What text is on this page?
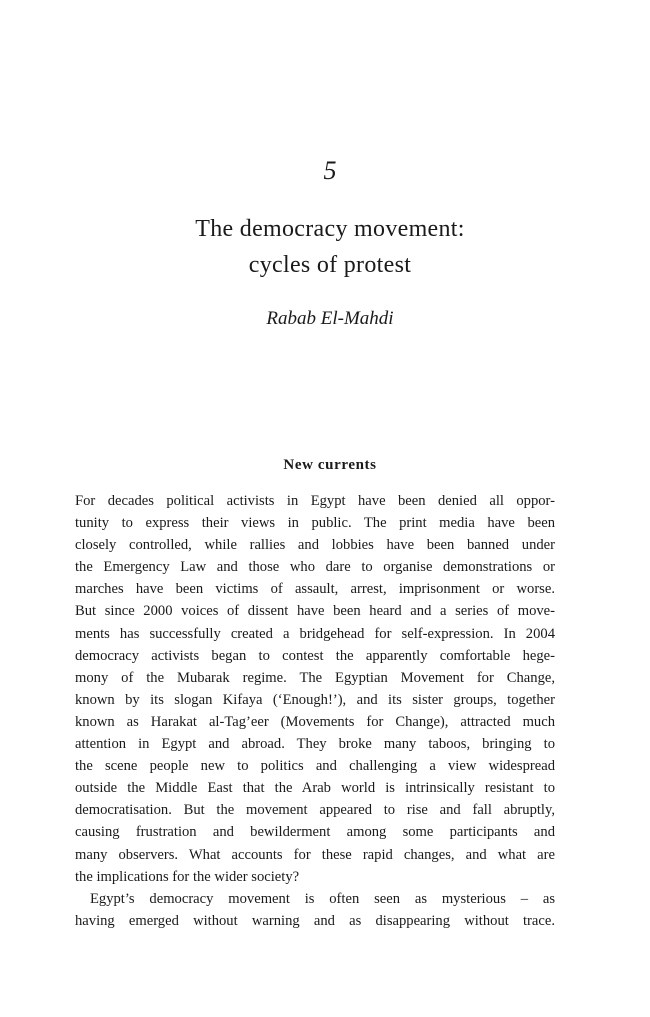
5
The democracy movement:
cycles of protest
Rabab El-Mahdi
New currents
For decades political activists in Egypt have been denied all oppor-
tunity to express their views in public. The print media have been
closely controlled, while rallies and lobbies have been banned under
the Emergency Law and those who dare to organise demonstrations or
marches have been victims of assault, arrest, imprisonment or worse.
But since 2000 voices of dissent have been heard and a series of move-
ments has successfully created a bridgehead for self-expression. In 2004
democracy activists began to contest the apparently comfortable hege-
mony of the Mubarak regime. The Egyptian Movement for Change,
known by its slogan Kifaya (‘Enough!’), and its sister groups, together
known as Harakat al-Tag’eer (Movements for Change), attracted much
attention in Egypt and abroad. They broke many taboos, bringing to
the scene people new to politics and challenging a view widespread
outside the Middle East that the Arab world is intrinsically resistant to
democratisation. But the movement appeared to rise and fall abruptly,
causing frustration and bewilderment among some participants and
many observers. What accounts for these rapid changes, and what are
the implications for the wider society?
Egypt’s democracy movement is often seen as mysterious – as
having emerged without warning and as disappearing without trace.
